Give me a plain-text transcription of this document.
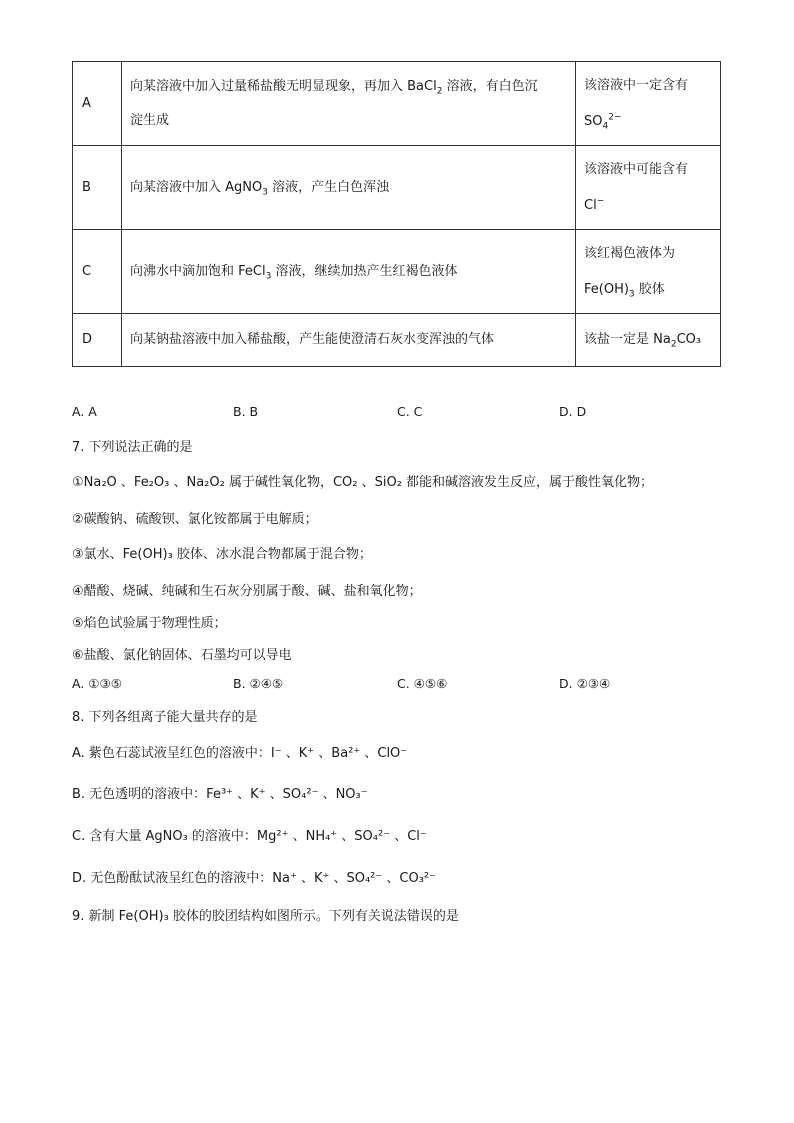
A	向某溶液中加入过量稀盐酸无明显现象，再加入 BaCl$_2$ 溶液，有白色沉
淀生成	该溶液中一定含有
$SO_4^{2-}$
B	向某溶液中加入 AgNO$_3$ 溶液，产生白色浑浊	该溶液中可能含有
Cl−
C	向沸水中滴加饱和 FeCl$_3$ 溶液，继续加热产生红褐色液体	该红褐色液体为
$Fe(OH)_3$ 胶体
D	向某钠盐溶液中加入稀盐酸，产生能使澄清石灰水变浑浊的气体	该盐一定是 $Na_2CO_3$
A. A	B. B	C. C	D. D
7. 下列说法正确的是
①Na₂O 、Fe₂O₃ 、Na₂O₂ 属于碱性氧化物，CO₂ 、SiO₂ 都能和碱溶液发生反应，属于酸性氧化物；
②碳酸钠、硫酸钡、氯化铵都属于电解质；
③氯水、Fe(OH)₃ 胶体、冰水混合物都属于混合物；
④醋酸、烧碱、纯碱和生石灰分别属于酸、碱、盐和氧化物；
⑤焰色试验属于物理性质；
⑥盐酸、氯化钠固体、石墨均可以导电
A. ①③⑤	B. ②④⑤	C. ④⑤⑥	D. ②③④
8. 下列各组离子能大量共存的是
A. 紫色石蕊试液呈红色的溶液中：I⁻ 、K⁺ 、Ba²⁺ 、ClO⁻
B. 无色透明的溶液中：Fe³⁺ 、K⁺ 、SO₄²⁻ 、NO₃⁻
C. 含有大量 AgNO₃ 的溶液中：Mg²⁺ 、NH₄⁺ 、SO₄²⁻ 、Cl⁻
D. 无色酚酞试液呈红色的溶液中：Na⁺ 、K⁺ 、SO₄²⁻ 、CO₃²⁻
9. 新制 Fe(OH)₃ 胶体的胶团结构如图所示。下列有关说法错误的是
